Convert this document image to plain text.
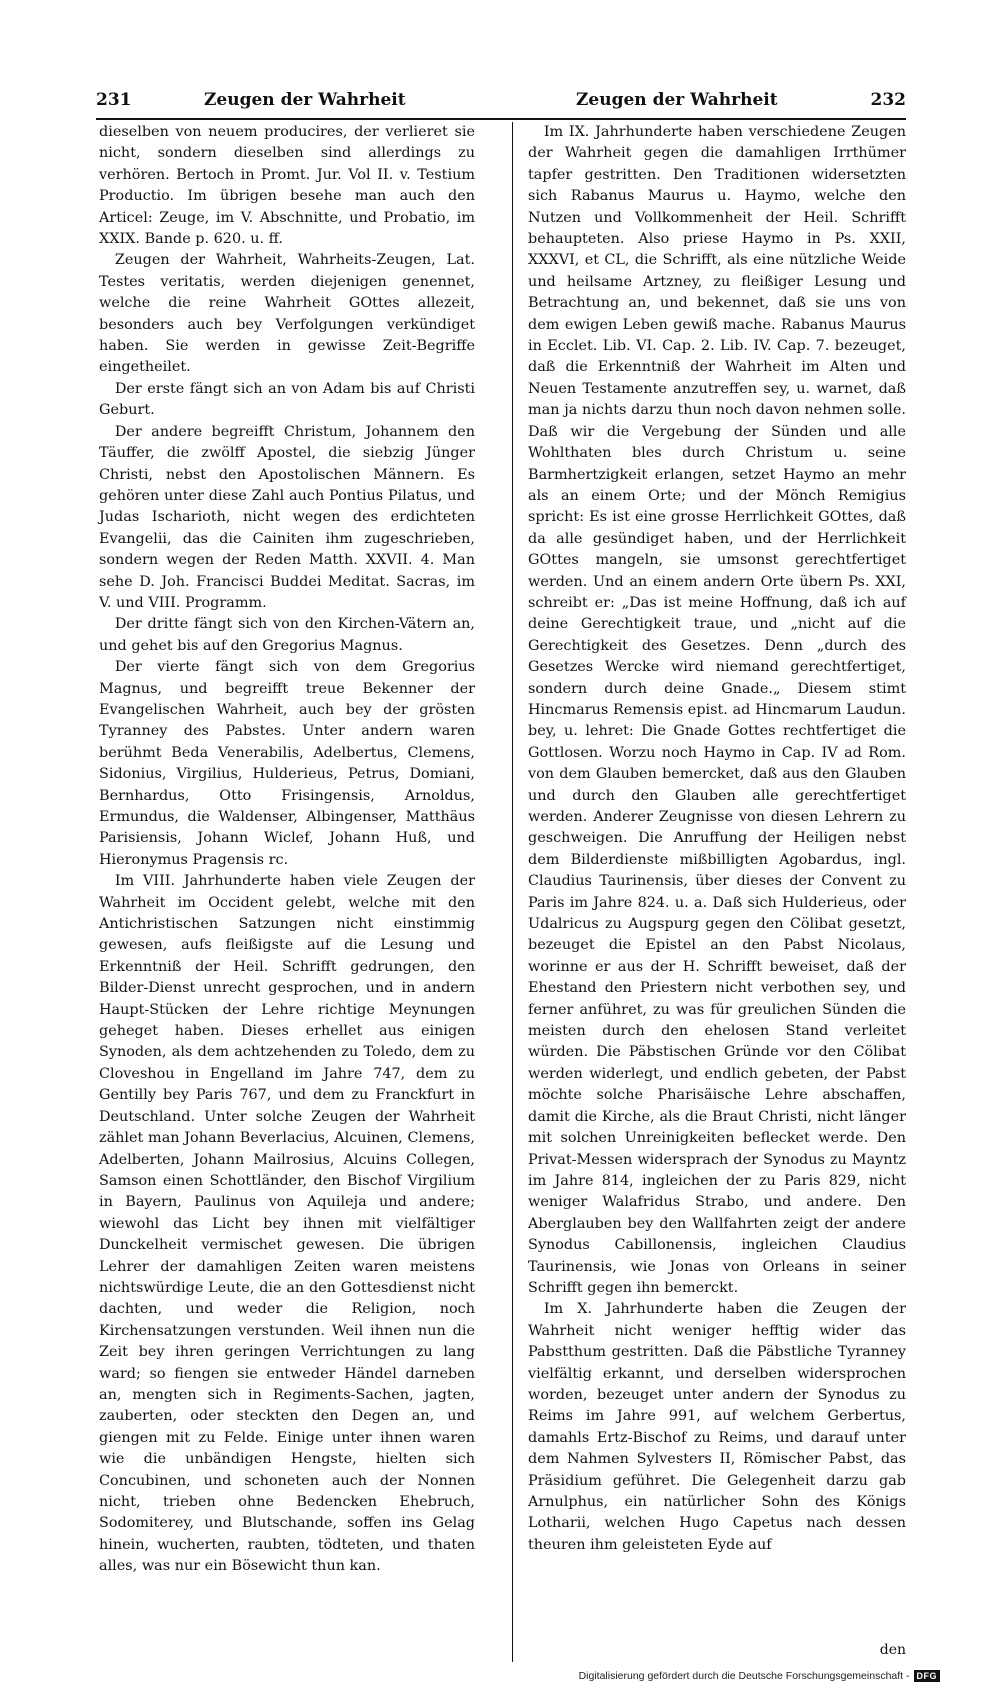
231	Zeugen der Wahrheit	Zeugen der Wahrheit	232

dieselben von neuem producires, der verlieret sie nicht, sondern dieselben sind allerdings zu verhören. Bertoch in Promt. Jur. Vol II. v. Testium Productio. Im übrigen besehe man auch den Articel: Zeuge, im V. Abschnitte, und Probatio, im XXIX. Bande p. 620. u. ff.

Zeugen der Wahrheit, Wahrheits-Zeugen, Lat. Testes veritatis, werden diejenigen genennet, welche die reine Wahrheit GOttes allezeit, besonders auch bey Verfolgungen verkündiget haben. Sie werden in gewisse Zeit-Begriffe eingetheilet.

Der erste fängt sich an von Adam bis auf Christi Geburt.

Der andere begreifft Christum, Johannem den Täuffer, die zwölff Apostel, die siebzig Jünger Christi, nebst den Apostolischen Männern. Es gehören unter diese Zahl auch Pontius Pilatus, und Judas Ischarioth, nicht wegen des erdichteten Evangelii, das die Cainiten ihm zugeschrieben, sondern wegen der Reden Matth. XXVII. 4. Man sehe D. Joh. Francisci Buddei Meditat. Sacras, im V. und VIII. Programm.

Der dritte fängt sich von den Kirchen-Vätern an, und gehet bis auf den Gregorius Magnus.

Der vierte fängt sich von dem Gregorius Magnus, und begreifft treue Bekenner der Evangelischen Wahrheit, auch bey der grösten Tyranney des Pabstes. Unter andern waren berühmt Beda Venerabilis, Adelbertus, Clemens, Sidonius, Virgilius, Hulderieus, Petrus, Domiani, Bernhardus, Otto Frisingensis, Arnoldus, Ermundus, die Waldenser, Albingenser, Matthäus Parisiensis, Johann Wiclef, Johann Huß, und Hieronymus Pragensis rc.

Im VIII. Jahrhunderte haben viele Zeugen der Wahrheit im Occident gelebt, welche mit den Antichristischen Satzungen nicht einstimmig gewesen, aufs fleißigste auf die Lesung und Erkenntniß der Heil. Schrifft gedrungen, den Bilder-Dienst unrecht gesprochen, und in andern Haupt-Stücken der Lehre richtige Meynungen geheget haben. Dieses erhellet aus einigen Synoden, als dem achtzehenden zu Toledo, dem zu Cloveshou in Engelland im Jahre 747, dem zu Gentilly bey Paris 767, und dem zu Franckfurt in Deutschland. Unter solche Zeugen der Wahrheit zählet man Johann Beverlacius, Alcuinen, Clemens, Adelberten, Johann Mailrosius, Alcuins Collegen, Samson einen Schottländer, den Bischof Virgilium in Bayern, Paulinus von Aquileja und andere; wiewohl das Licht bey ihnen mit vielfältiger Dunckelheit vermischet gewesen. Die übrigen Lehrer der damahligen Zeiten waren meistens nichtswürdige Leute, die an den Gottesdienst nicht dachten, und weder die Religion, noch Kirchensatzungen verstunden. Weil ihnen nun die Zeit bey ihren geringen Verrichtungen zu lang ward; so fiengen sie entweder Händel darneben an, mengten sich in Regiments-Sachen, jagten, zauberten, oder steckten den Degen an, und giengen mit zu Felde. Einige unter ihnen waren wie die unbändigen Hengste, hielten sich Concubinen, und schoneten auch der Nonnen nicht, trieben ohne Bedencken Ehebruch, Sodomiterey, und Blutschande, soffen ins Gelag hinein, wucherten, raubten, tödteten, und thaten alles, was nur ein Bösewicht thun kan.

Im IX. Jahrhunderte haben verschiedene Zeugen der Wahrheit gegen die damahligen Irrthümer tapfer gestritten. Den Traditionen widersetzten sich Rabanus Maurus u. Haymo, welche den Nutzen und Vollkommenheit der Heil. Schrifft behaupteten. Also priese Haymo in Ps. XXII, XXXVI, et CL, die Schrifft, als eine nützliche Weide und heilsame Artzney, zu fleißiger Lesung und Betrachtung an, und bekennet, daß sie uns von dem ewigen Leben gewiß mache. Rabanus Maurus in Ecclet. Lib. VI. Cap. 2. Lib. IV. Cap. 7. bezeuget, daß die Erkenntniß der Wahrheit im Alten und Neuen Testamente anzutreffen sey, u. warnet, daß man ja nichts darzu thun noch davon nehmen solle. Daß wir die Vergebung der Sünden und alle Wohlthaten bles durch Christum u. seine Barmhertzigkeit erlangen, setzet Haymo an mehr als an einem Orte; und der Mönch Remigius spricht: Es ist eine grosse Herrlichkeit GOttes, daß da alle gesündiget haben, und der Herrlichkeit GOttes mangeln, sie umsonst gerechtfertiget werden. Und an einem andern Orte übern Ps. XXI, schreibt er: „Das ist meine Hoffnung, daß ich auf deine Gerechtigkeit traue, und „nicht auf die Gerechtigkeit des Gesetzes. Denn „durch des Gesetzes Wercke wird niemand gerechtfertiget, sondern durch deine Gnade.„ Diesem stimt Hincmarus Remensis epist. ad Hincmarum Laudun. bey, u. lehret: Die Gnade Gottes rechtfertiget die Gottlosen. Worzu noch Haymo in Cap. IV ad Rom. von dem Glauben bemercket, daß aus den Glauben und durch den Glauben alle gerechtfertiget werden. Anderer Zeugnisse von diesen Lehrern zu geschweigen. Die Anruffung der Heiligen nebst dem Bilderdienste mißbilligten Agobardus, ingl. Claudius Taurinensis, über dieses der Convent zu Paris im Jahre 824. u. a. Daß sich Hulderieus, oder Udalricus zu Augspurg gegen den Cölibat gesetzt, bezeuget die Epistel an den Pabst Nicolaus, worinne er aus der H. Schrifft beweiset, daß der Ehestand den Priestern nicht verbothen sey, und ferner anführet, zu was für greulichen Sünden die meisten durch den ehelosen Stand verleitet würden. Die Päbstischen Gründe vor den Cölibat werden widerlegt, und endlich gebeten, der Pabst möchte solche Pharisäische Lehre abschaffen, damit die Kirche, als die Braut Christi, nicht länger mit solchen Unreinigkeiten beflecket werde. Den Privat-Messen widersprach der Synodus zu Mayntz im Jahre 814, ingleichen der zu Paris 829, nicht weniger Walafridus Strabo, und andere. Den Aberglauben bey den Wallfahrten zeigt der andere Synodus Cabillonensis, ingleichen Claudius Taurinensis, wie Jonas von Orleans in seiner Schrifft gegen ihn bemerckt.

Im X. Jahrhunderte haben die Zeugen der Wahrheit nicht weniger hefftig wider das Pabstthum gestritten. Daß die Päbstliche Tyranney vielfältig erkannt, und derselben widersprochen worden, bezeuget unter andern der Synodus zu Reims im Jahre 991, auf welchem Gerbertus, damahls Ertz-Bischof zu Reims, und darauf unter dem Nahmen Sylvesters II, Römischer Pabst, das Präsidium geführet. Die Gelegenheit darzu gab Arnulphus, ein natürlicher Sohn des Königs Lotharii, welchen Hugo Capetus nach dessen theuren ihm geleisteten Eyde auf

den
Digitalisierung gefördert durch die Deutsche Forschungsgemeinschaft - DFG
